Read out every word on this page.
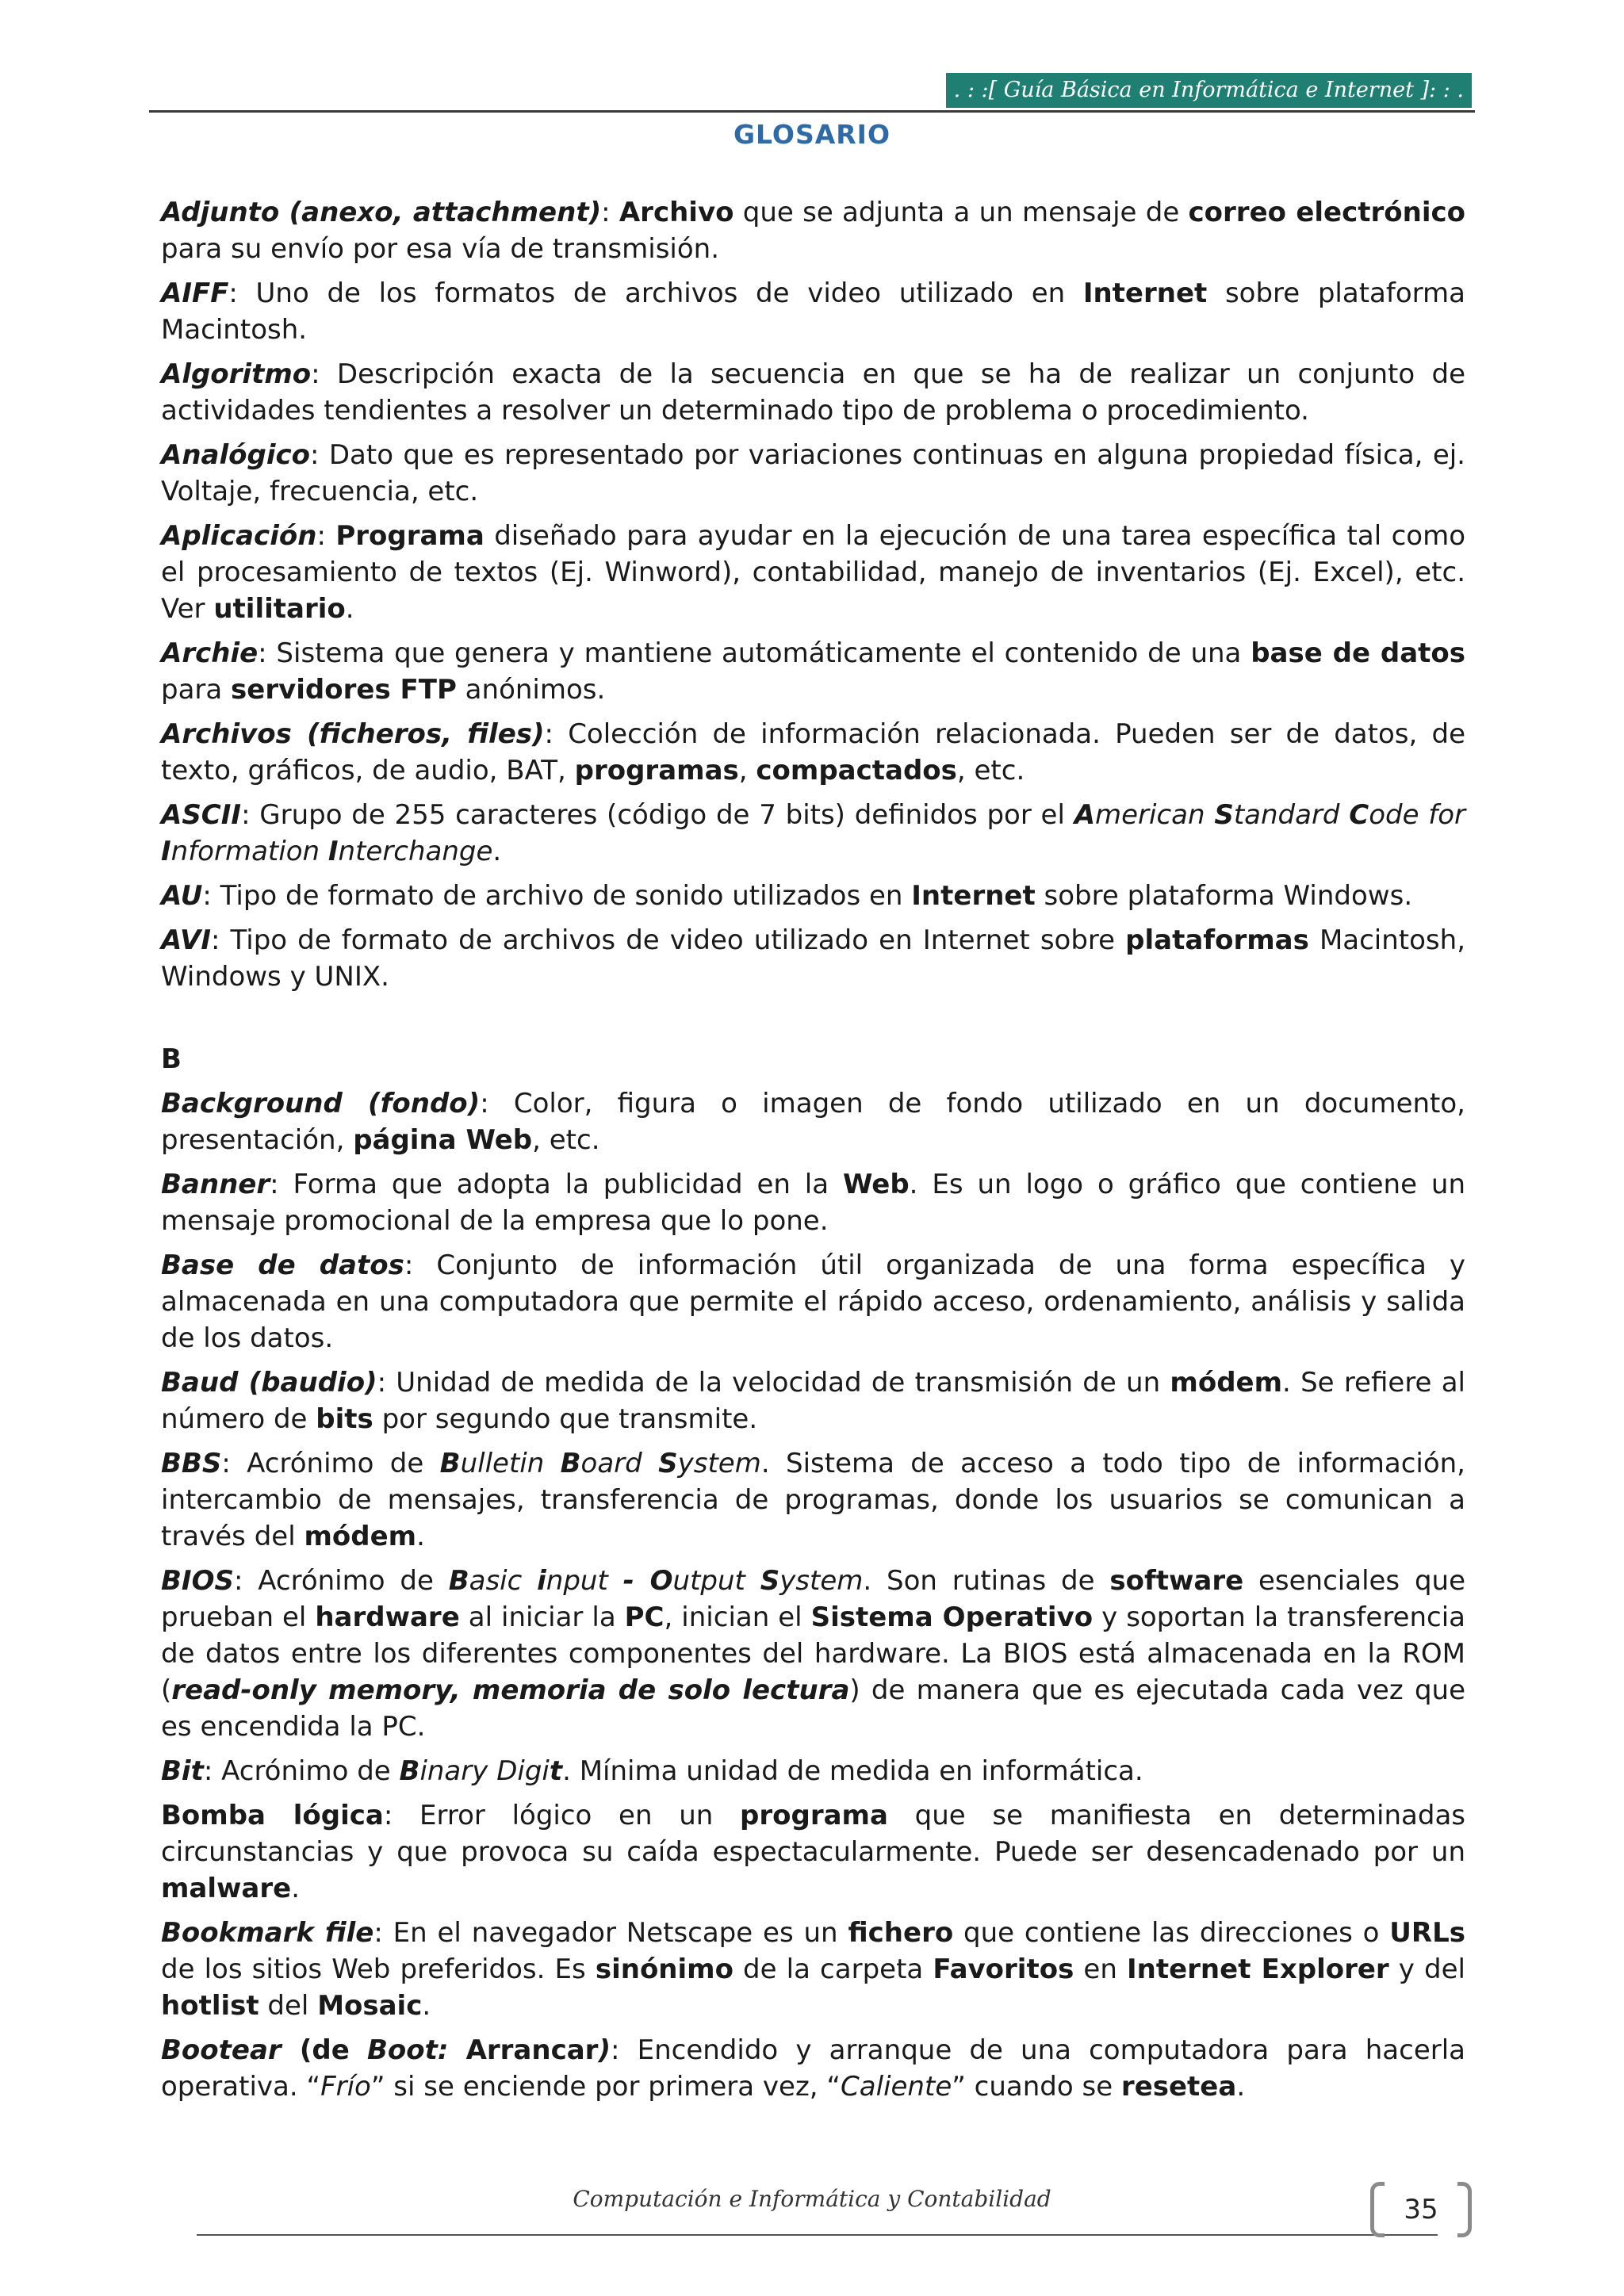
. : :[ Guía Básica en Informática e Internet ]: : .
GLOSARIO

Adjunto (anexo, attachment): Archivo que se adjunta a un mensaje de correo electrónico para su envío por esa vía de transmisión.

AIFF: Uno de los formatos de archivos de video utilizado en Internet sobre plataforma Macintosh.

Algoritmo: Descripción exacta de la secuencia en que se ha de realizar un conjunto de actividades tendientes a resolver un determinado tipo de problema o procedimiento.

Analógico: Dato que es representado por variaciones continuas en alguna propiedad física, ej. Voltaje, frecuencia, etc.

Aplicación: Programa diseñado para ayudar en la ejecución de una tarea específica tal como el procesamiento de textos (Ej. Winword), contabilidad, manejo de inventarios (Ej. Excel), etc. Ver utilitario.

Archie: Sistema que genera y mantiene automáticamente el contenido de una base de datos para servidores FTP anónimos.

Archivos (ficheros, files): Colección de información relacionada. Pueden ser de datos, de texto, gráficos, de audio, BAT, programas, compactados, etc.

ASCII: Grupo de 255 caracteres (código de 7 bits) definidos por el American Standard Code for Information Interchange.

AU: Tipo de formato de archivo de sonido utilizados en Internet sobre plataforma Windows.

AVI: Tipo de formato de archivos de video utilizado en Internet sobre plataformas Macintosh, Windows y UNIX.

B

Background (fondo): Color, figura o imagen de fondo utilizado en un documento, presentación, página Web, etc.

Banner: Forma que adopta la publicidad en la Web. Es un logo o gráfico que contiene un mensaje promocional de la empresa que lo pone.

Base de datos: Conjunto de información útil organizada de una forma específica y almacenada en una computadora que permite el rápido acceso, ordenamiento, análisis y salida de los datos.

Baud (baudio): Unidad de medida de la velocidad de transmisión de un módem. Se refiere al número de bits por segundo que transmite.

BBS: Acrónimo de Bulletin Board System. Sistema de acceso a todo tipo de información, intercambio de mensajes, transferencia de programas, donde los usuarios se comunican a través del módem.

BIOS: Acrónimo de Basic input - Output System. Son rutinas de software esenciales que prueban el hardware al iniciar la PC, inician el Sistema Operativo y soportan la transferencia de datos entre los diferentes componentes del hardware. La BIOS está almacenada en la ROM (read-only memory, memoria de solo lectura) de manera que es ejecutada cada vez que es encendida la PC.

Bit: Acrónimo de Binary Digit. Mínima unidad de medida en informática.

Bomba lógica: Error lógico en un programa que se manifiesta en determinadas circunstancias y que provoca su caída espectacularmente. Puede ser desencadenado por un malware.

Bookmark file: En el navegador Netscape es un fichero que contiene las direcciones o URLs de los sitios Web preferidos. Es sinónimo de la carpeta Favoritos en Internet Explorer y del hotlist del Mosaic.

Bootear (de Boot: Arrancar): Encendido y arranque de una computadora para hacerla operativa. “Frío” si se enciende por primera vez, “Caliente” cuando se resetea.

Computación e Informática y Contabilidad	35
